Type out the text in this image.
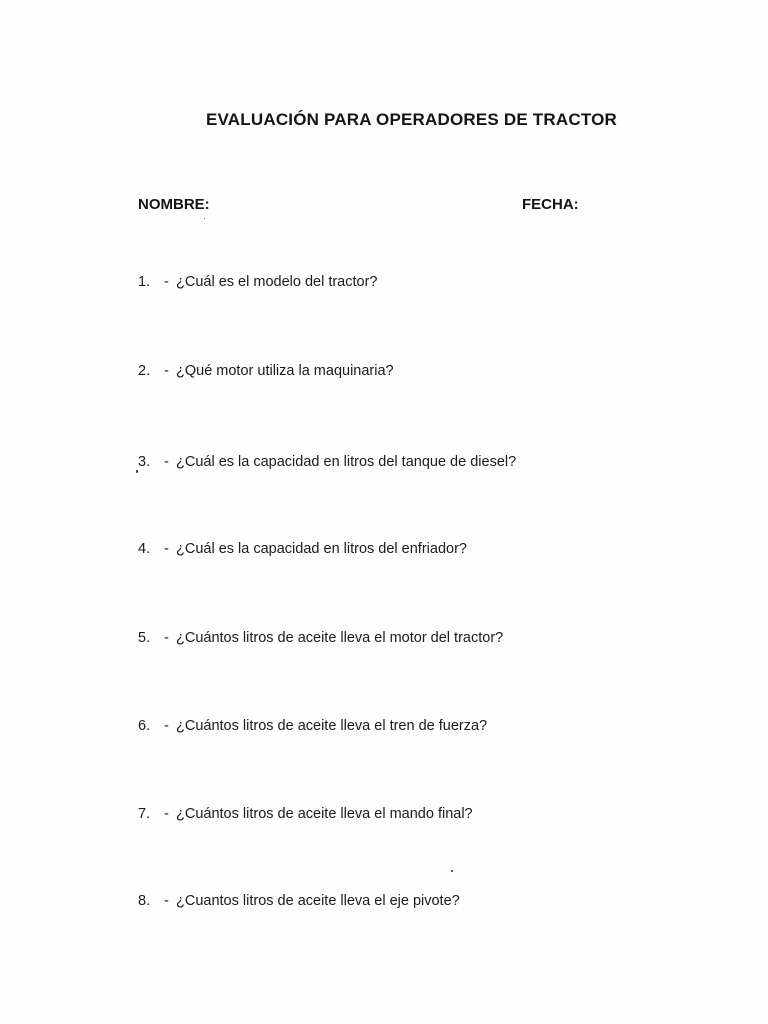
EVALUACIÓN PARA OPERADORES DE TRACTOR
NOMBRE:	FECHA:
1. - ¿Cuál es el modelo del tractor?
2. - ¿Qué motor utiliza la maquinaria?
3. - ¿Cuál es la capacidad en litros del tanque de diesel?
4. - ¿Cuál es la capacidad en litros del enfriador?
5. - ¿Cuántos litros de aceite lleva el motor del tractor?
6. - ¿Cuántos litros de aceite lleva el tren de fuerza?
7. - ¿Cuántos litros de aceite lleva el mando final?
8. - ¿Cuantos litros de aceite lleva el eje pivote?
